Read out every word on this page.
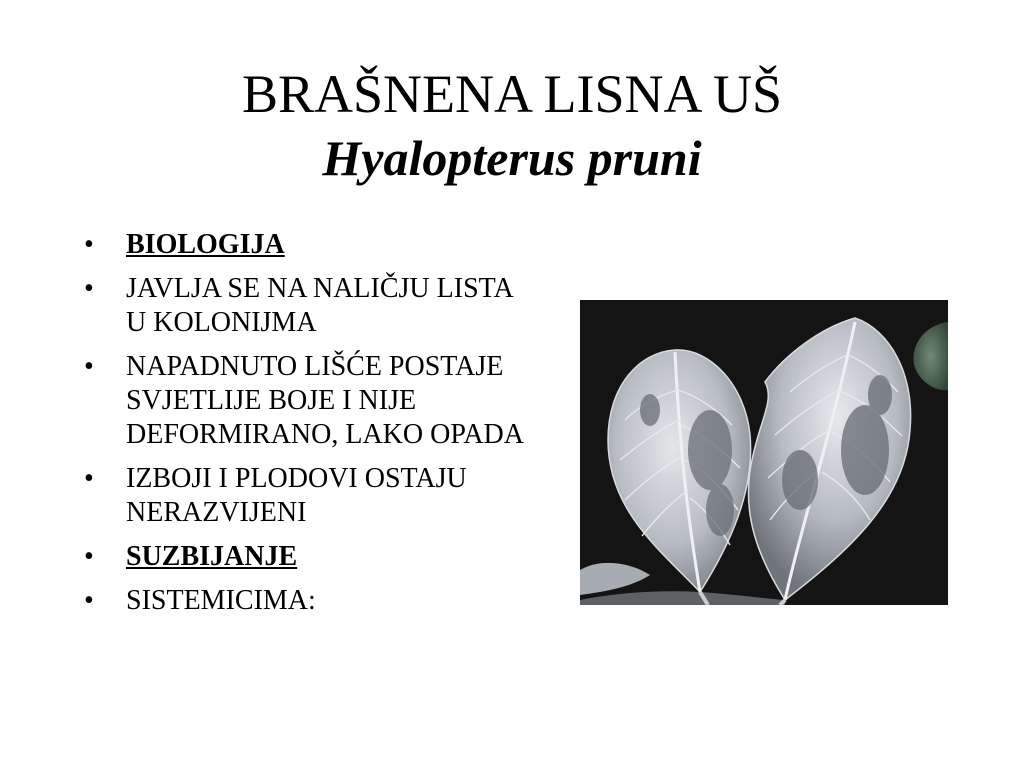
BRAŠNENA LISNA UŠ
Hyalopterus pruni
• BIOLOGIJA
• JAVLJA SE NA NALIČJU LISTA U KOLONIJMA
• NAPADNUTO LIŠĆE POSTAJE SVJETLIJE BOJE I NIJE DEFORMIRANO, LAKO OPADA
• IZBOJI I PLODOVI OSTAJU NERAZVIJENI
• SUZBIJANJE
• SISTEMICIMA:
